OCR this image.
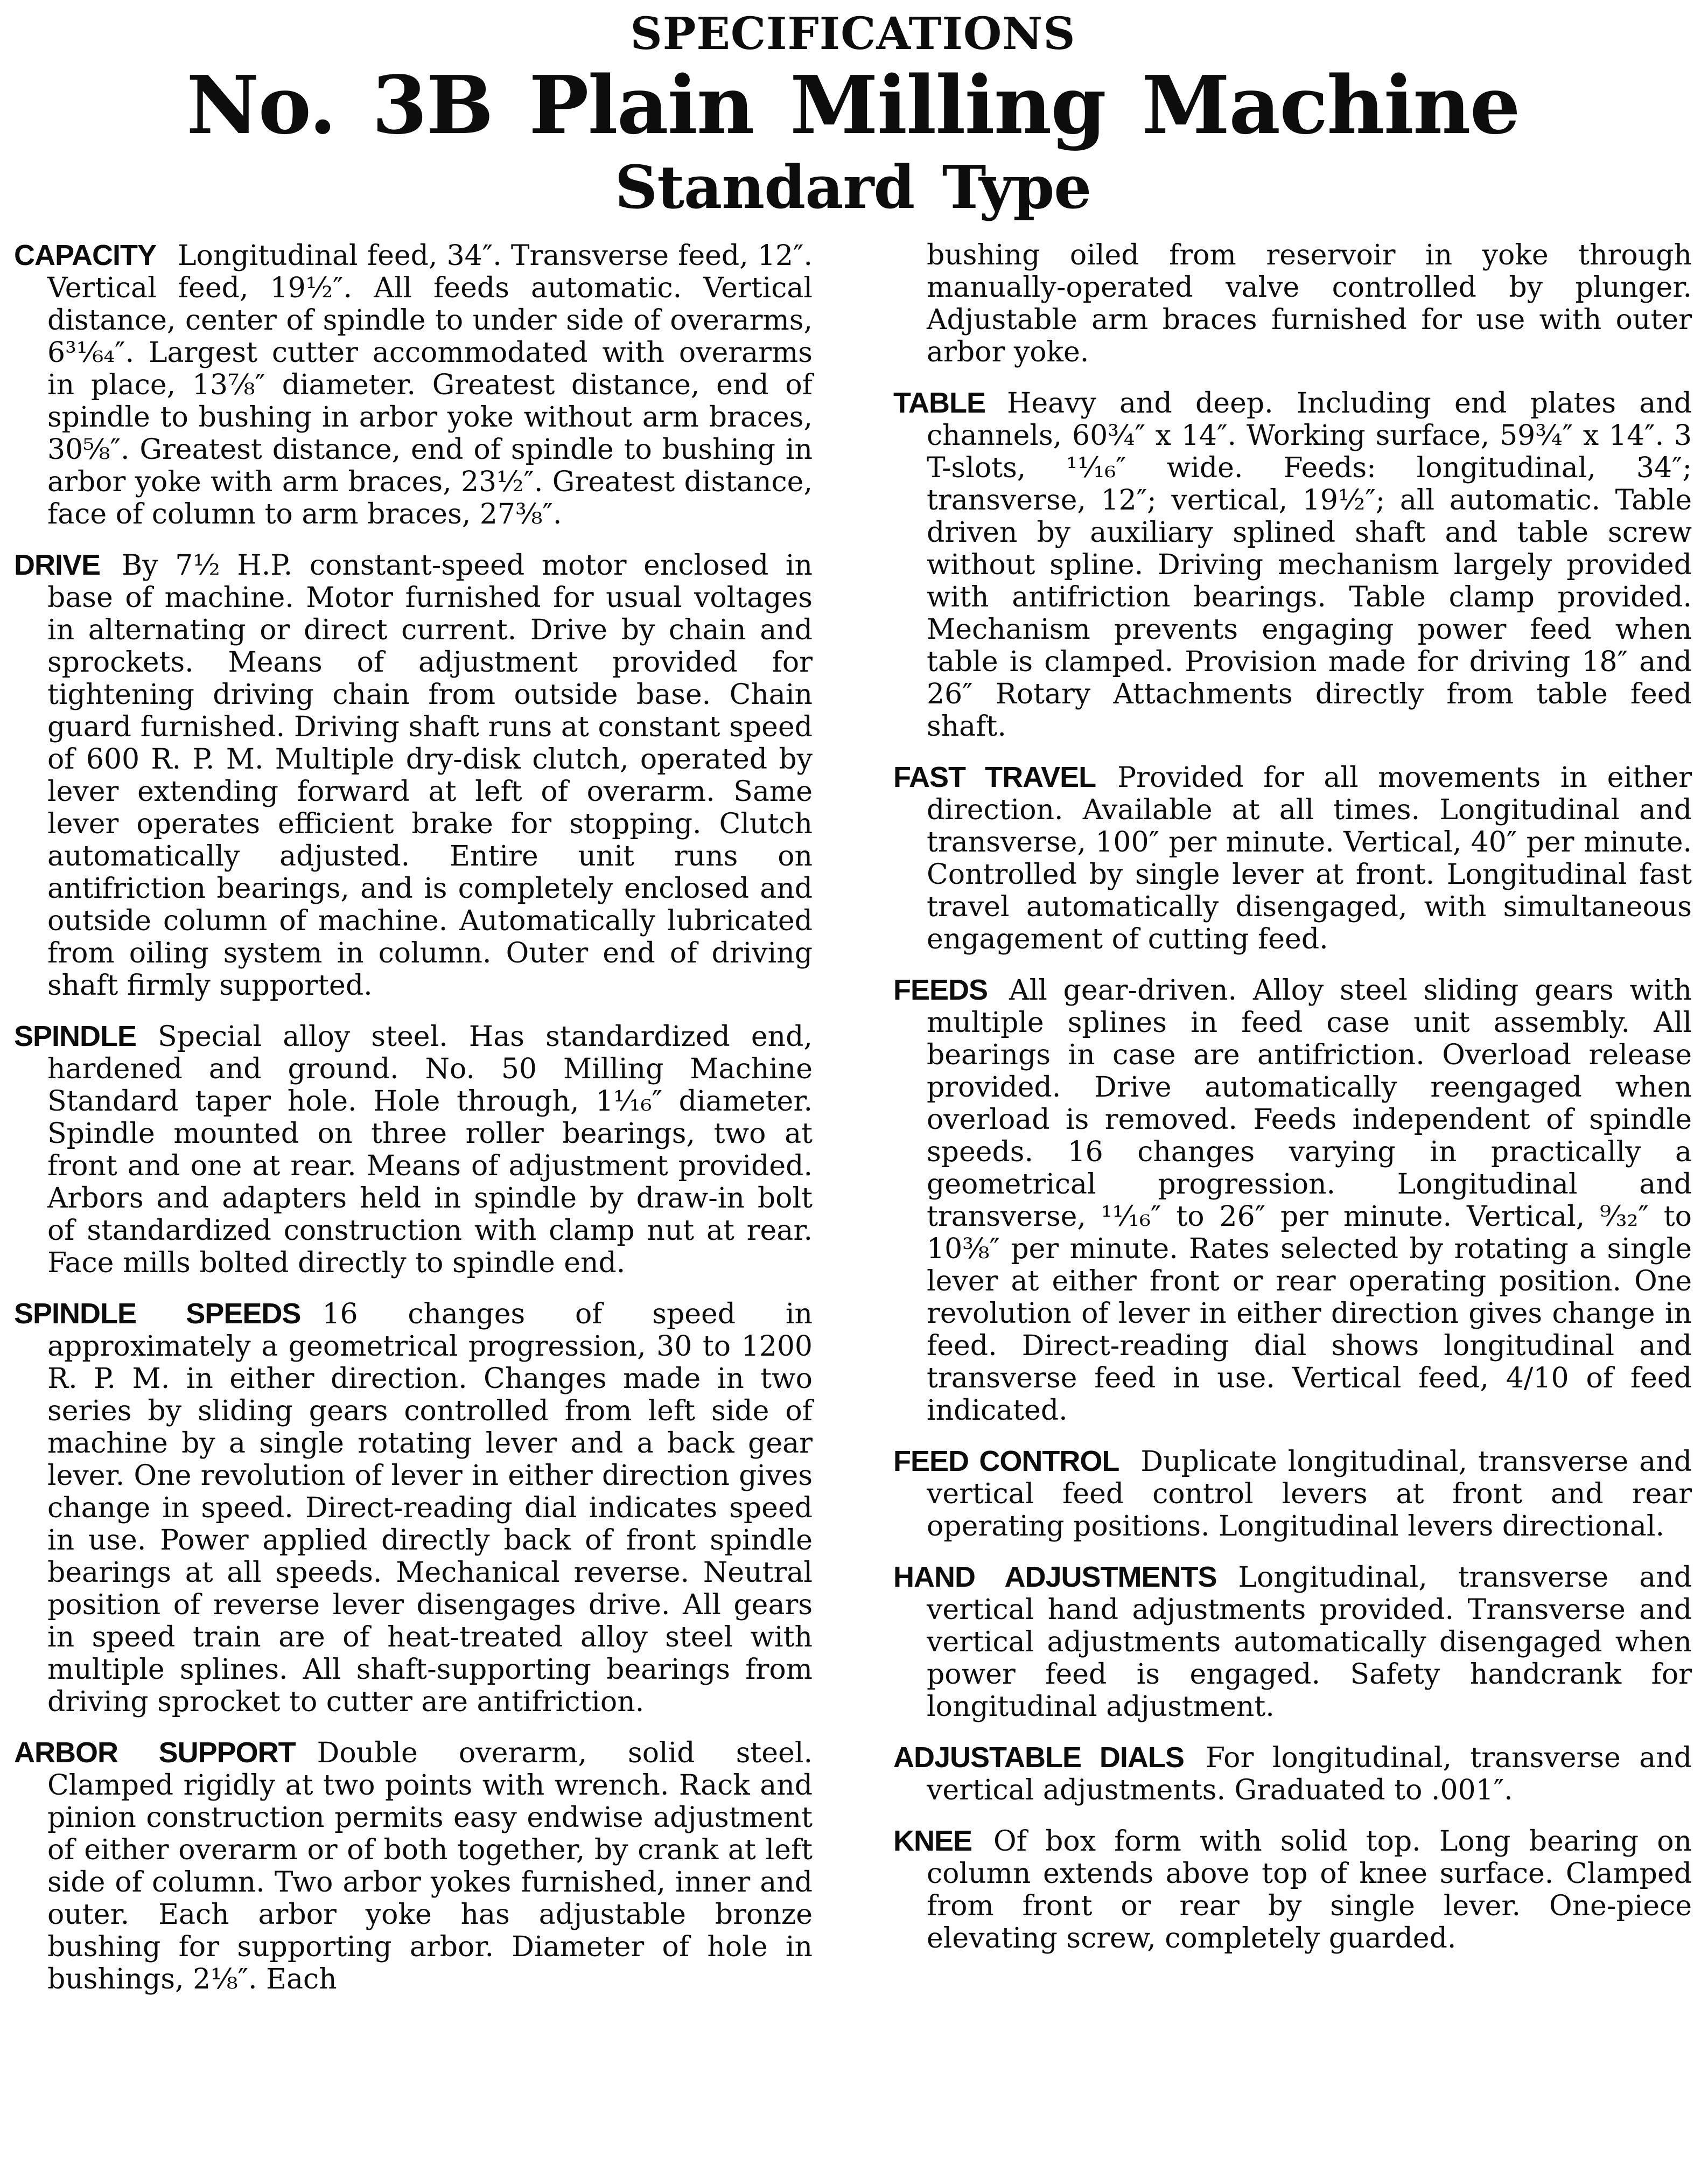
SPECIFICATIONS
No. 3B Plain Milling Machine
Standard Type

CAPACITY Longitudinal feed, 34″. Transverse feed, 12″. Vertical feed, 19½″. All feeds automatic. Vertical distance, center of spindle to under side of overarms, 6³¹⁄₆₄″. Largest cutter accommodated with overarms in place, 13⅞″ diameter. Greatest distance, end of spindle to bushing in arbor yoke without arm braces, 30⅝″. Greatest distance, end of spindle to bushing in arbor yoke with arm braces, 23½″. Greatest distance, face of column to arm braces, 27⅜″.

DRIVE By 7½ H.P. constant-speed motor enclosed in base of machine. Motor furnished for usual voltages in alternating or direct current. Drive by chain and sprockets. Means of adjustment provided for tightening driving chain from outside base. Chain guard furnished. Driving shaft runs at constant speed of 600 R. P. M. Multiple dry-disk clutch, operated by lever extending forward at left of overarm. Same lever operates efficient brake for stopping. Clutch automatically adjusted. Entire unit runs on antifriction bearings, and is completely enclosed and outside column of machine. Automatically lubricated from oiling system in column. Outer end of driving shaft firmly supported.

SPINDLE Special alloy steel. Has standardized end, hardened and ground. No. 50 Milling Machine Standard taper hole. Hole through, 1¹⁄₁₆″ diameter. Spindle mounted on three roller bearings, two at front and one at rear. Means of adjustment provided. Arbors and adapters held in spindle by draw-in bolt of standardized construction with clamp nut at rear. Face mills bolted directly to spindle end.

SPINDLE SPEEDS 16 changes of speed in approximately a geometrical progression, 30 to 1200 R. P. M. in either direction. Changes made in two series by sliding gears controlled from left side of machine by a single rotating lever and a back gear lever. One revolution of lever in either direction gives change in speed. Direct-reading dial indicates speed in use. Power applied directly back of front spindle bearings at all speeds. Mechanical reverse. Neutral position of reverse lever disengages drive. All gears in speed train are of heat-treated alloy steel with multiple splines. All shaft-supporting bearings from driving sprocket to cutter are antifriction.

ARBOR SUPPORT Double overarm, solid steel. Clamped rigidly at two points with wrench. Rack and pinion construction permits easy endwise adjustment of either overarm or of both together, by crank at left side of column. Two arbor yokes furnished, inner and outer. Each arbor yoke has adjustable bronze bushing for supporting arbor. Diameter of hole in bushings, 2⅛″. Each

bushing oiled from reservoir in yoke through manually-operated valve controlled by plunger. Adjustable arm braces furnished for use with outer arbor yoke.

TABLE Heavy and deep. Including end plates and channels, 60¾″ x 14″. Working surface, 59¾″ x 14″. 3 T-slots, ¹¹⁄₁₆″ wide. Feeds: longitudinal, 34″; transverse, 12″; vertical, 19½″; all automatic. Table driven by auxiliary splined shaft and table screw without spline. Driving mechanism largely provided with antifriction bearings. Table clamp provided. Mechanism prevents engaging power feed when table is clamped. Provision made for driving 18″ and 26″ Rotary Attachments directly from table feed shaft.

FAST TRAVEL Provided for all movements in either direction. Available at all times. Longitudinal and transverse, 100″ per minute. Vertical, 40″ per minute. Controlled by single lever at front. Longitudinal fast travel automatically disengaged, with simultaneous engagement of cutting feed.

FEEDS All gear-driven. Alloy steel sliding gears with multiple splines in feed case unit assembly. All bearings in case are antifriction. Overload release provided. Drive automatically reengaged when overload is removed. Feeds independent of spindle speeds. 16 changes varying in practically a geometrical progression. Longitudinal and transverse, ¹¹⁄₁₆″ to 26″ per minute. Vertical, ⁹⁄₃₂″ to 10⅜″ per minute. Rates selected by rotating a single lever at either front or rear operating position. One revolution of lever in either direction gives change in feed. Direct-reading dial shows longitudinal and transverse feed in use. Vertical feed, 4/10 of feed indicated.

FEED CONTROL Duplicate longitudinal, transverse and vertical feed control levers at front and rear operating positions. Longitudinal levers directional.

HAND ADJUSTMENTS Longitudinal, transverse and vertical hand adjustments provided. Transverse and vertical adjustments automatically disengaged when power feed is engaged. Safety handcrank for longitudinal adjustment.

ADJUSTABLE DIALS For longitudinal, transverse and vertical adjustments. Graduated to .001″.

KNEE Of box form with solid top. Long bearing on column extends above top of knee surface. Clamped from front or rear by single lever. One-piece elevating screw, completely guarded.
